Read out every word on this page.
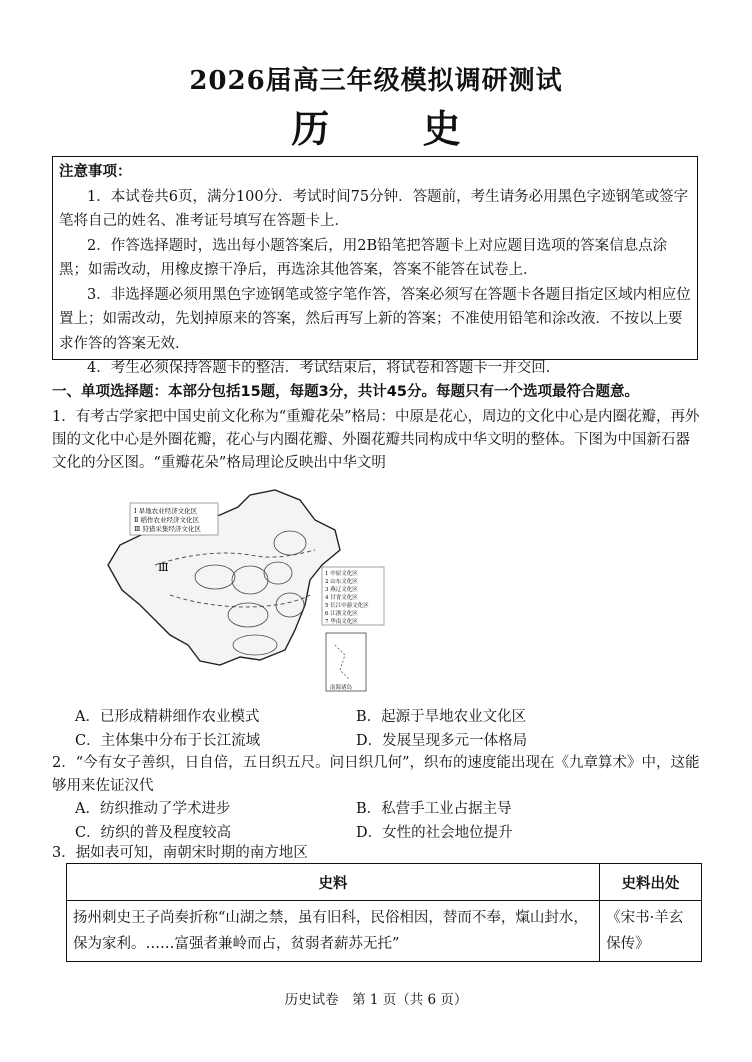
2026届高三年级模拟调研测试
历 史
注意事项：

1．本试卷共6页，满分100分．考试时间75分钟．答题前，考生请务必用黑色字迹钢笔或签字笔将自己的姓名、准考证号填写在答题卡上．

2．作答选择题时，选出每小题答案后，用2B铅笔把答题卡上对应题目选项的答案信息点涂黑；如需改动，用橡皮擦干净后，再选涂其他答案，答案不能答在试卷上．

3．非选择题必须用黑色字迹钢笔或签字笔作答，答案必须写在答题卡各题目指定区域内相应位置上；如需改动，先划掉原来的答案，然后再写上新的答案；不准使用铅笔和涂改液．不按以上要求作答的答案无效．

4．考生必须保持答题卡的整洁．考试结束后，将试卷和答题卡一并交回．

一、单项选择题：本部分包括15题，每题3分，共计45分。每题只有一个选项最符合题意。

1．有考古学家把中国史前文化称为“重瓣花朵”格局：中原是花心，周边的文化中心是内圈花瓣，再外围的文化中心是外圈花瓣，花心与内圈花瓣、外圈花瓣共同构成中华文明的整体。下图为中国新石器文化的分区图。“重瓣花朵”格局理论反映出中华文明

Ⅰ 旱地农业经济文化区
Ⅱ 稻作农业经济文化区
Ⅲ 狩猎采集经济文化区
Ⅲ	1 中原文化区
2 山东文化区
3 燕辽文化区
4 甘青文化区
5 长江中游文化区
6 江浙文化区
7 华南文化区
南海诸岛
A．已形成精耕细作农业模式	B．起源于旱地农业文化区
C．主体集中分布于长江流域	D．发展呈现多元一体格局

2．“今有女子善织，日自倍，五日织五尺。问日织几何”，织布的速度能出现在《九章算术》中，这能够用来佐证汉代

A．纺织推动了学术进步	B．私营手工业占据主导
C．纺织的普及程度较高	D．女性的社会地位提升

3．据如表可知，南朝宋时期的南方地区

史料	史料出处
扬州刺史王子尚奏折称“山湖之禁，虽有旧科，民俗相因，替而不奉，熂山封水，保为家利。……富强者兼岭而占，贫弱者薪苏无托”	《宋书·羊玄保传》
历史试卷　第 1 页（共 6 页）
